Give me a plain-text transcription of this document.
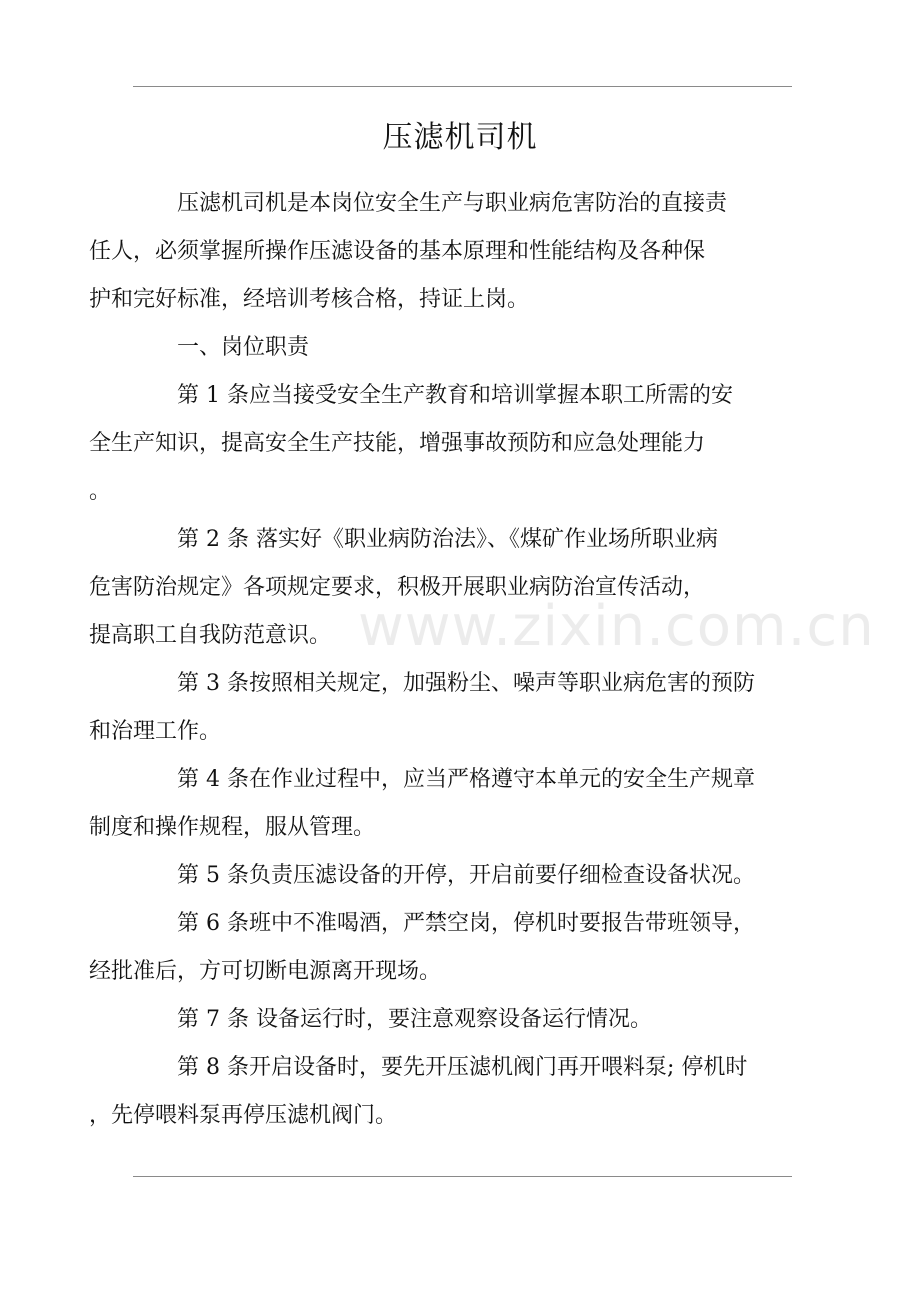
压滤机司机
压滤机司机是本岗位安全生产与职业病危害防治的直接责
任人，必须掌握所操作压滤设备的基本原理和性能结构及各种保
护和完好标准，经培训考核合格，持证上岗。
一、岗位职责
第 1 条应当接受安全生产教育和培训掌握本职工所需的安
全生产知识，提高安全生产技能，增强事故预防和应急处理能力
。
第 2 条 落实好《职业病防治法》、《煤矿作业场所职业病
危害防治规定》各项规定要求，积极开展职业病防治宣传活动，
提高职工自我防范意识。
第 3 条按照相关规定，加强粉尘、噪声等职业病危害的预防
和治理工作。
第 4 条在作业过程中，应当严格遵守本单元的安全生产规章
制度和操作规程，服从管理。
第 5 条负责压滤设备的开停，开启前要仔细检查设备状况。
第 6 条班中不准喝酒，严禁空岗，停机时要报告带班领导，
经批准后，方可切断电源离开现场。
第 7 条 设备运行时，要注意观察设备运行情况。
第 8 条开启设备时，要先开压滤机阀门再开喂料泵; 停机时
，先停喂料泵再停压滤机阀门。
www.zixin.com.cn
